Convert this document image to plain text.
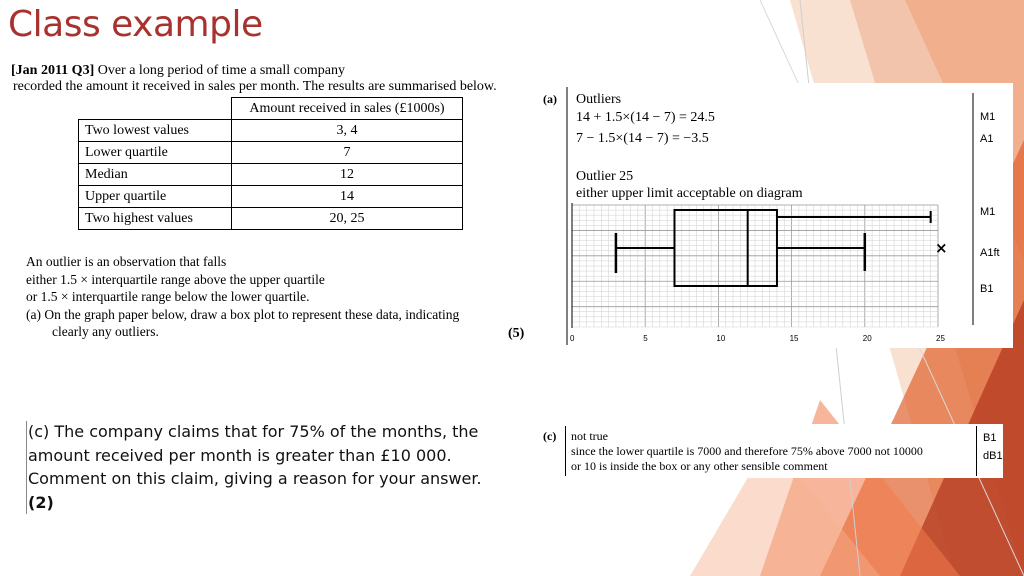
Class example
[Jan 2011 Q3] Over a long period of time a small company
recorded the amount it received in sales per month. The results are summarised below.
	Amount received in sales (£1000s)
Two lowest values	3, 4
Lower quartile	7
Median	12
Upper quartile	14
Two highest values	20, 25
An outlier is an observation that falls
either 1.5 × interquartile range above the upper quartile
or 1.5 × interquartile range below the lower quartile.
(a) On the graph paper below, draw a box plot to represent these data, indicating
clearly any outliers.	(5)
(a) Outliers
14 + 1.5×(14 − 7) = 24.5
7 − 1.5×(14 − 7) = −3.5
Outlier 25
either upper limit acceptable on diagram
M1
A1
M1
A1ft
B1
0	5	10	15	20	25
×
(c) The company claims that for 75% of the months, the amount received per month is greater than £10 000. Comment on this claim, giving a reason for your answer.
(2)
(c) not true
since the lower quartile is 7000 and therefore 75% above 7000 not 10000
or 10 is inside the box or any other sensible comment
B1
dB1
